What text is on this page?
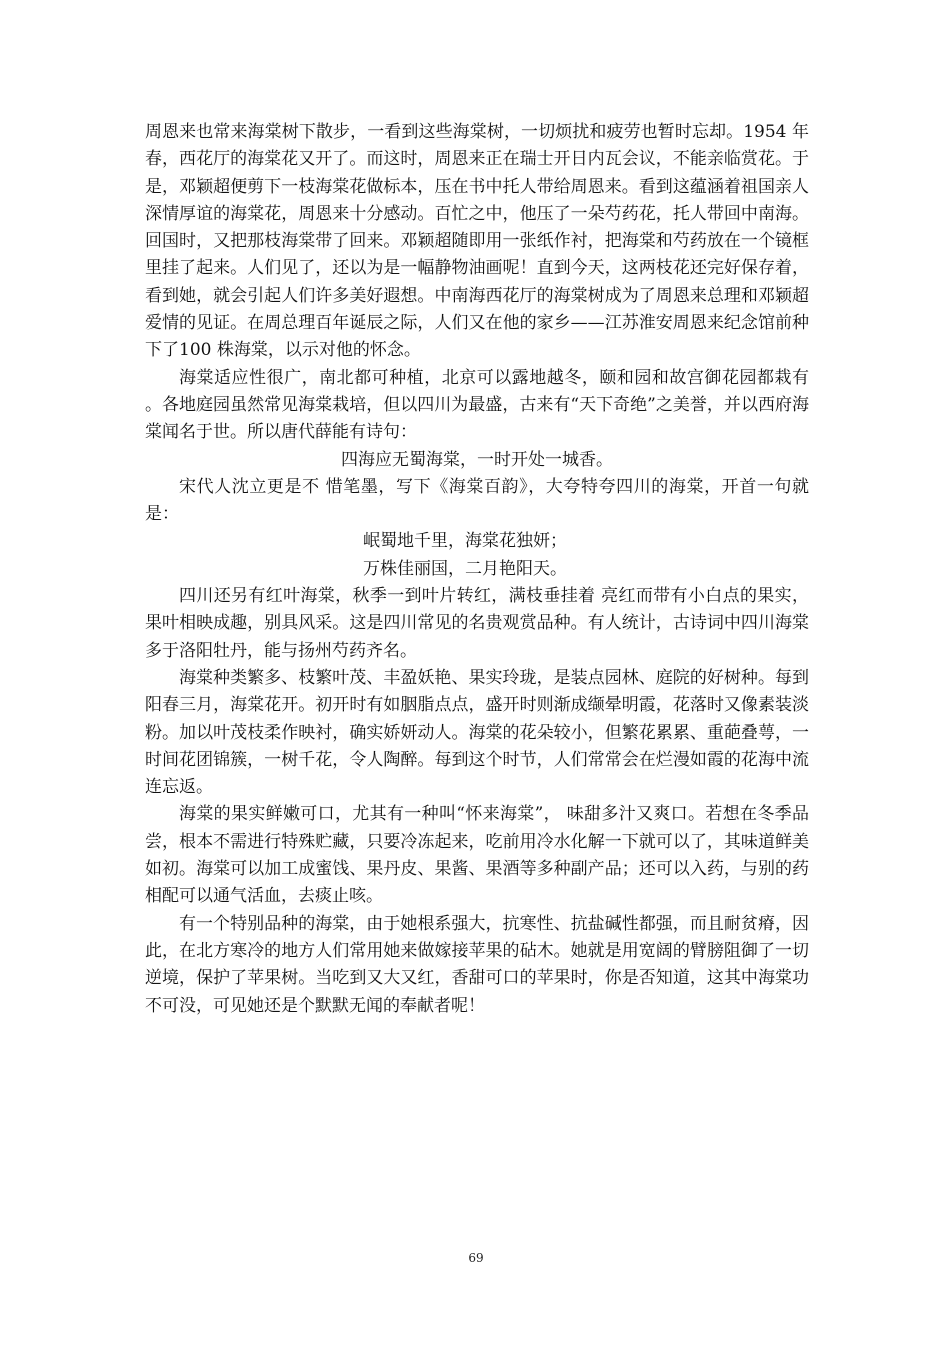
周恩来也常来海棠树下散步，一看到这些海棠树，一切烦扰和疲劳也暂时忘却。1954 年春，西花厅的海棠花又开了。而这时，周恩来正在瑞士开日内瓦会议，不能亲临赏花。于是，邓颖超便剪下一枝海棠花做标本，压在书中托人带给周恩来。看到这蕴涵着祖国亲人深情厚谊的海棠花，周恩来十分感动。百忙之中，他压了一朵芍药花，托人带回中南海。回国时，又把那枝海棠带了回来。邓颖超随即用一张纸作衬，把海棠和芍药放在一个镜框里挂了起来。人们见了，还以为是一幅静物油画呢！直到今天，这两枝花还完好保存着，看到她，就会引起人们许多美好遐想。中南海西花厅的海棠树成为了周恩来总理和邓颖超爱情的见证。在周总理百年诞辰之际，人们又在他的家乡——江苏淮安周恩来纪念馆前种下了100 株海棠，以示对他的怀念。

海棠适应性很广，南北都可种植，北京可以露地越冬，颐和园和故宫御花园都栽有 。各地庭园虽然常见海棠栽培，但以四川为最盛，古来有“天下奇绝”之美誉，并以西府海 棠闻名于世。所以唐代薛能有诗句：

四海应无蜀海棠，一时开处一城香。

宋代人沈立更是不 惜笔墨，写下《海棠百韵》，大夸特夸四川的海棠，开首一句就是：

岷蜀地千里，海棠花独妍；

万株佳丽国，二月艳阳天。

四川还另有红叶海棠，秋季一到叶片转红，满枝垂挂着 亮红而带有小白点的果实，果叶相映成趣，别具风采。这是四川常见的名贵观赏品种。有人统计，古诗词中四川海棠多于洛阳牡丹，能与扬州芍药齐名。

海棠种类繁多、枝繁叶茂、丰盈妖艳、果实玲珑，是装点园林、庭院的好树种。每到阳春三月，海棠花开。初开时有如胭脂点点，盛开时则渐成缬晕明霞，花落时又像素装淡粉。加以叶茂枝柔作映衬，确实娇妍动人。海棠的花朵较小，但繁花累累、重葩叠萼，一时间花团锦簇，一树千花，令人陶醉。每到这个时节，人们常常会在烂漫如霞的花海中流连忘返。

海棠的果实鲜嫩可口，尤其有一种叫“怀来海棠”， 味甜多汁又爽口。若想在冬季品尝，根本不需进行特殊贮藏，只要冷冻起来，吃前用冷水化解一下就可以了，其味道鲜美如初。海棠可以加工成蜜饯、果丹皮、果酱、果酒等多种副产品；还可以入药，与别的药相配可以通气活血，去痰止咳。

有一个特别品种的海棠，由于她根系强大，抗寒性、抗盐碱性都强，而且耐贫瘠，因此，在北方寒冷的地方人们常用她来做嫁接苹果的砧木。她就是用宽阔的臂膀阻御了一切逆境，保护了苹果树。当吃到又大又红，香甜可口的苹果时，你是否知道，这其中海棠功不可没，可见她还是个默默无闻的奉献者呢！

69
